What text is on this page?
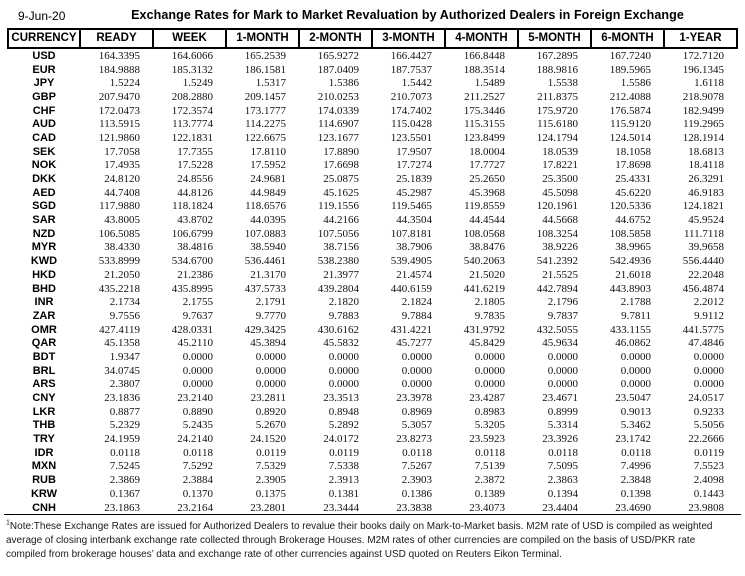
9-Jun-20	Exchange Rates for Mark to Market Revaluation by Authorized Dealers in Foreign Exchange
CURRENCY	READY	WEEK	1-MONTH	2-MONTH	3-MONTH	4-MONTH	5-MONTH	6-MONTH	1-YEAR
USD	164.3395	164.6066	165.2539	165.9272	166.4427	166.8448	167.2895	167.7240	172.7120
EUR	184.9888	185.3132	186.1581	187.0409	187.7537	188.3514	188.9816	189.5965	196.1345
JPY	1.5224	1.5249	1.5317	1.5386	1.5442	1.5489	1.5538	1.5586	1.6118
GBP	207.9470	208.2880	209.1457	210.0253	210.7073	211.2527	211.8375	212.4088	218.9078
CHF	172.0473	172.3574	173.1777	174.0339	174.7402	175.3446	175.9720	176.5874	182.9499
AUD	113.5915	113.7774	114.2275	114.6907	115.0428	115.3155	115.6180	115.9120	119.2965
CAD	121.9860	122.1831	122.6675	123.1677	123.5501	123.8499	124.1794	124.5014	128.1914
SEK	17.7058	17.7355	17.8110	17.8890	17.9507	18.0004	18.0539	18.1058	18.6813
NOK	17.4935	17.5228	17.5952	17.6698	17.7274	17.7727	17.8221	17.8698	18.4118
DKK	24.8120	24.8556	24.9681	25.0875	25.1839	25.2650	25.3500	25.4331	26.3291
AED	44.7408	44.8126	44.9849	45.1625	45.2987	45.3968	45.5098	45.6220	46.9183
SGD	117.9880	118.1824	118.6576	119.1556	119.5465	119.8559	120.1961	120.5336	124.1821
SAR	43.8005	43.8702	44.0395	44.2166	44.3504	44.4544	44.5668	44.6752	45.9524
NZD	106.5085	106.6799	107.0883	107.5056	107.8181	108.0568	108.3254	108.5858	111.7118
MYR	38.4330	38.4816	38.5940	38.7156	38.7906	38.8476	38.9226	38.9965	39.9658
KWD	533.8999	534.6700	536.4461	538.2380	539.4905	540.2063	541.2392	542.4936	556.4440
HKD	21.2050	21.2386	21.3170	21.3977	21.4574	21.5020	21.5525	21.6018	22.2048
BHD	435.2218	435.8995	437.5733	439.2804	440.6159	441.6219	442.7894	443.8903	456.4874
INR	2.1734	2.1755	2.1791	2.1820	2.1824	2.1805	2.1796	2.1788	2.2012
ZAR	9.7556	9.7637	9.7770	9.7883	9.7884	9.7835	9.7837	9.7811	9.9112
OMR	427.4119	428.0331	429.3425	430.6162	431.4221	431.9792	432.5055	433.1155	441.5775
QAR	45.1358	45.2110	45.3894	45.5832	45.7277	45.8429	45.9634	46.0862	47.4846
BDT	1.9347	0.0000	0.0000	0.0000	0.0000	0.0000	0.0000	0.0000	0.0000
BRL	34.0745	0.0000	0.0000	0.0000	0.0000	0.0000	0.0000	0.0000	0.0000
ARS	2.3807	0.0000	0.0000	0.0000	0.0000	0.0000	0.0000	0.0000	0.0000
CNY	23.1836	23.2140	23.2811	23.3513	23.3978	23.4287	23.4671	23.5047	24.0517
LKR	0.8877	0.8890	0.8920	0.8948	0.8969	0.8983	0.8999	0.9013	0.9233
THB	5.2329	5.2435	5.2670	5.2892	5.3057	5.3205	5.3314	5.3462	5.5056
TRY	24.1959	24.2140	24.1520	24.0172	23.8273	23.5923	23.3926	23.1742	22.2666
IDR	0.0118	0.0118	0.0119	0.0119	0.0118	0.0118	0.0118	0.0118	0.0119
MXN	7.5245	7.5292	7.5329	7.5338	7.5267	7.5139	7.5095	7.4996	7.5523
RUB	2.3869	2.3884	2.3905	2.3913	2.3903	2.3872	2.3863	2.3848	2.4098
KRW	0.1367	0.1370	0.1375	0.1381	0.1386	0.1389	0.1394	0.1398	0.1443
CNH	23.1863	23.2164	23.2801	23.3444	23.3838	23.4073	23.4404	23.4690	23.9808
$^1$Note:These Exchange Rates are issued for Authorized Dealers to revalue their books daily on Mark-to-Market basis. M2M rate of USD is compiled as weighted average of closing interbank exchange rate collected through Brokerage Houses. M2M rates of other currencies are compiled on the basis of USD/PKR rate compiled from brokerage houses’ data and exchange rate of other currencies against USD quoted on Reuters Eikon Terminal.
